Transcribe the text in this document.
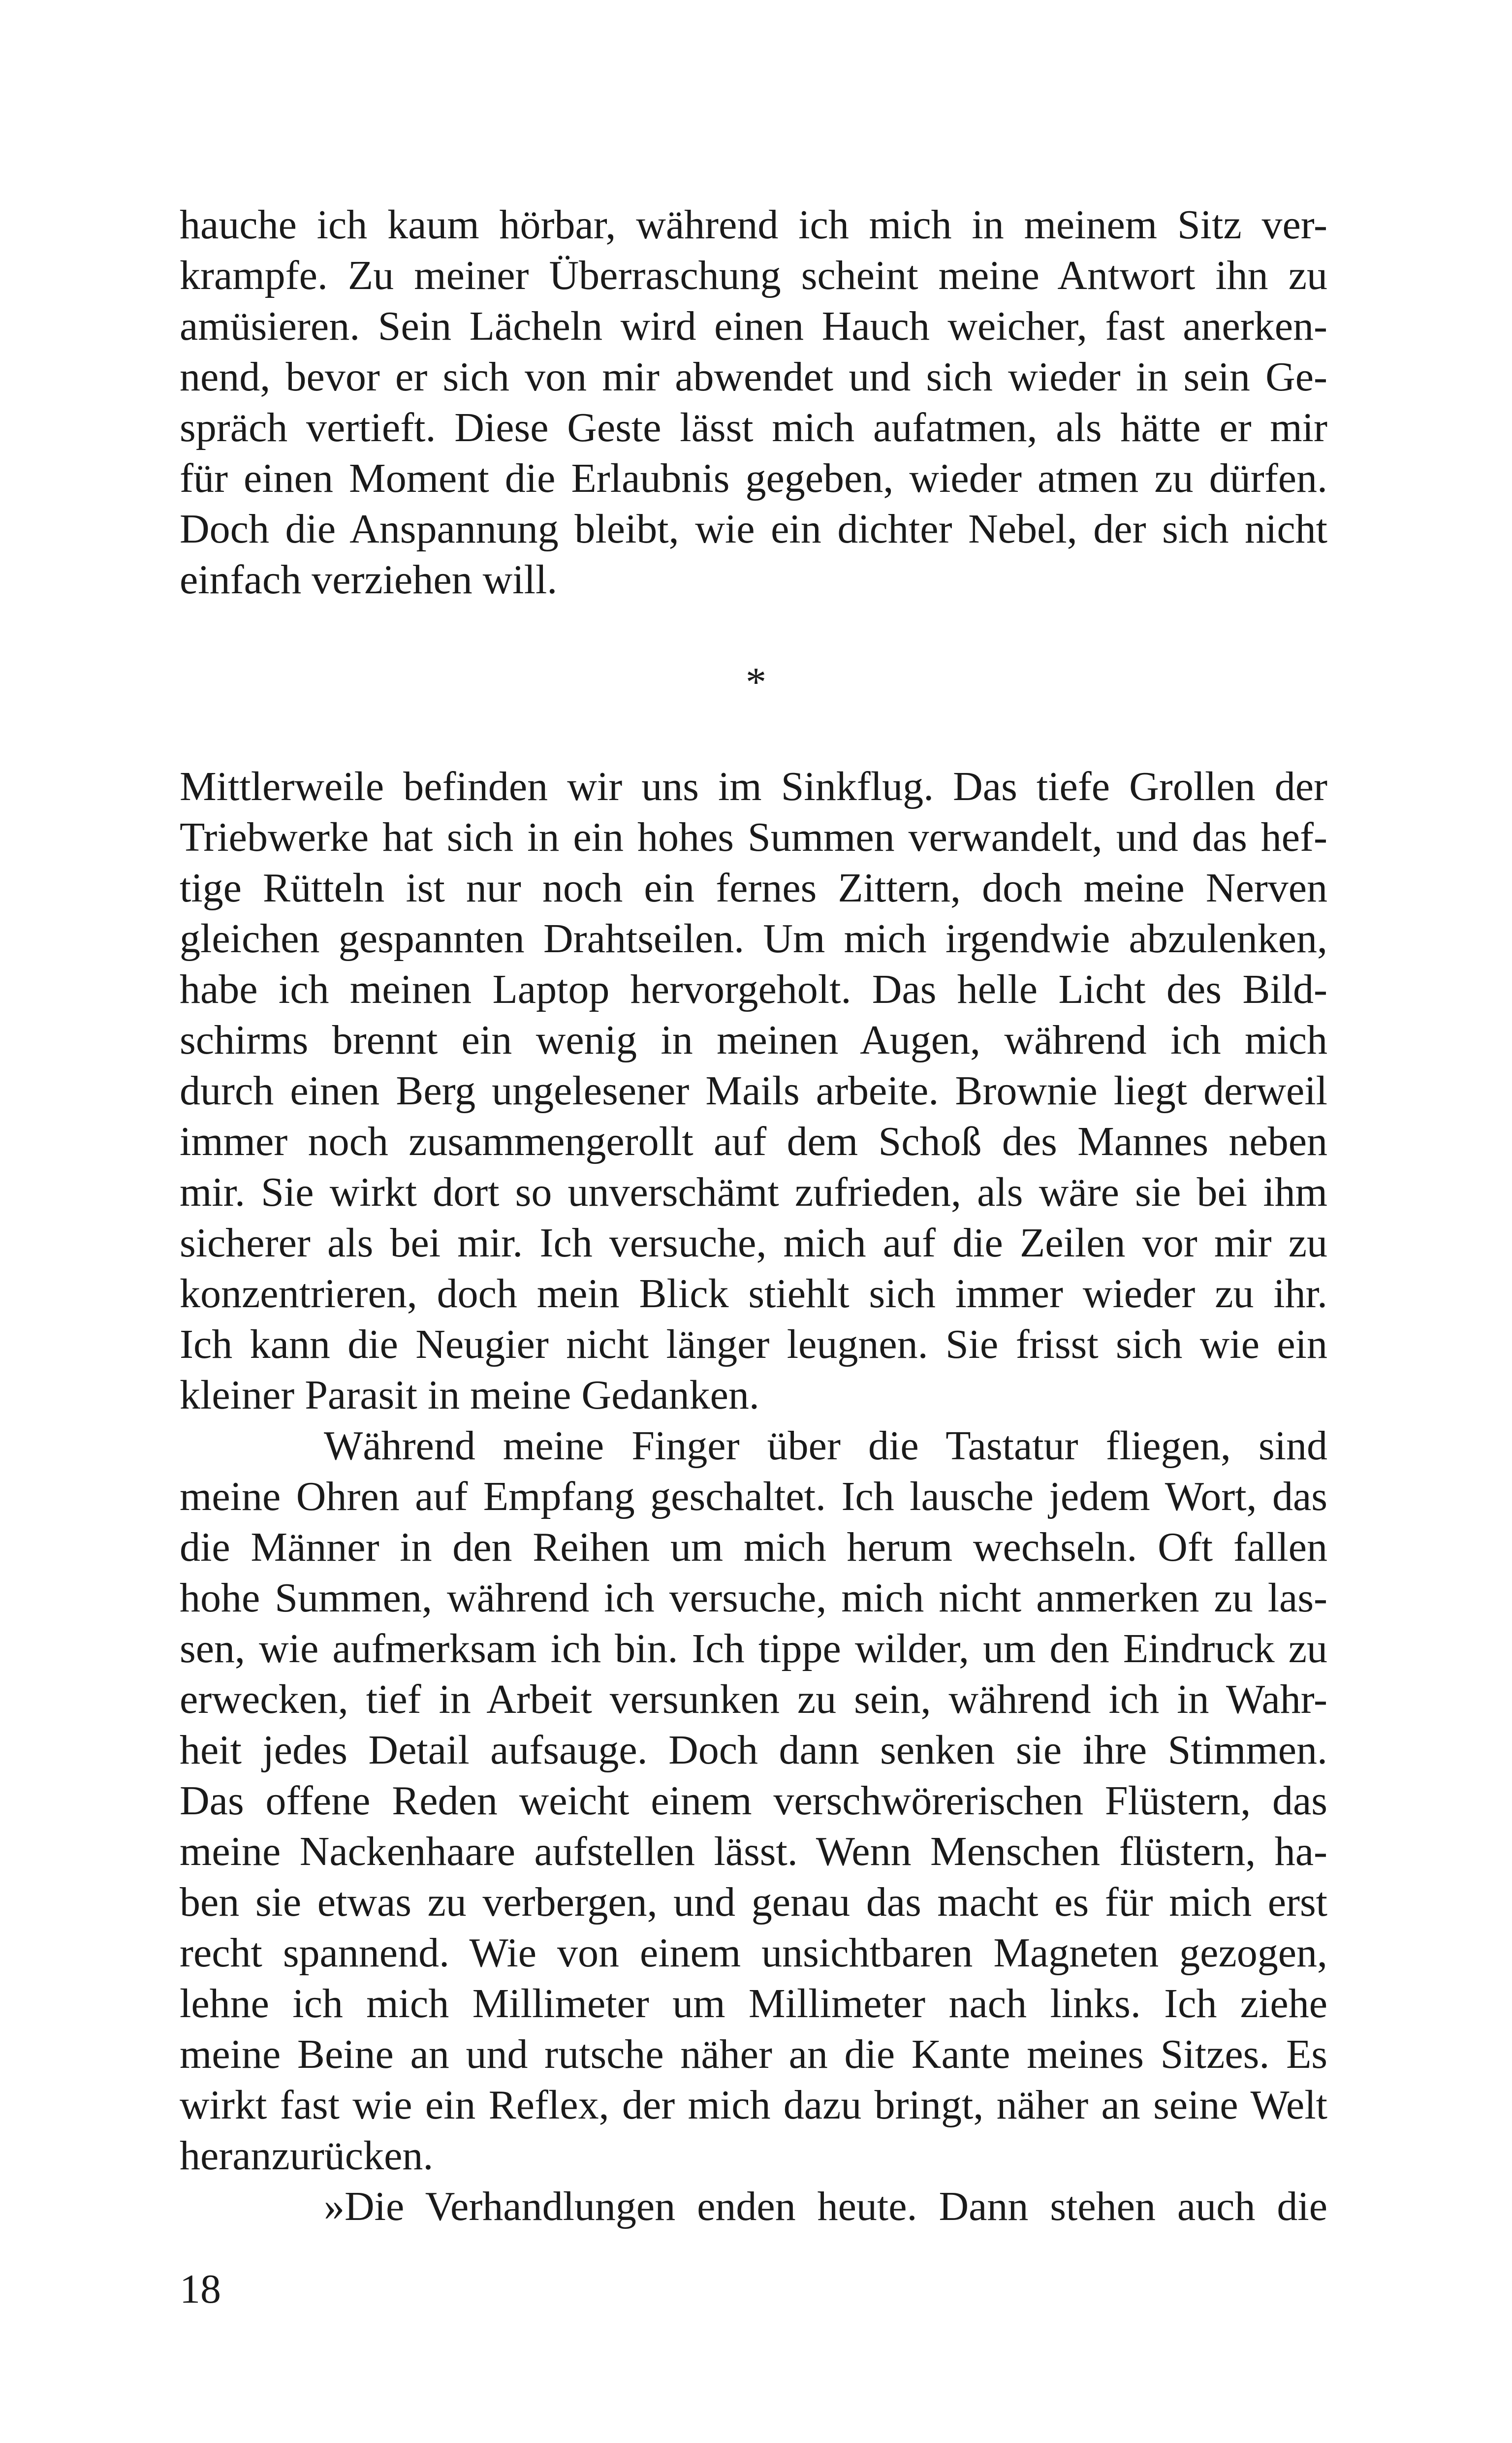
hauche ich kaum hörbar, während ich mich in meinem Sitz ver-
krampfe. Zu meiner Überraschung scheint meine Antwort ihn zu
amüsieren. Sein Lächeln wird einen Hauch weicher, fast anerken-
nend, bevor er sich von mir abwendet und sich wieder in sein Ge-
spräch vertieft. Diese Geste lässt mich aufatmen, als hätte er mir
für einen Moment die Erlaubnis gegeben, wieder atmen zu dürfen.
Doch die Anspannung bleibt, wie ein dichter Nebel, der sich nicht
einfach verziehen will.
*
Mittlerweile befinden wir uns im Sinkflug. Das tiefe Grollen der
Triebwerke hat sich in ein hohes Summen verwandelt, und das hef-
tige Rütteln ist nur noch ein fernes Zittern, doch meine Nerven
gleichen gespannten Drahtseilen. Um mich irgendwie abzulenken,
habe ich meinen Laptop hervorgeholt. Das helle Licht des Bild-
schirms brennt ein wenig in meinen Augen, während ich mich
durch einen Berg ungelesener Mails arbeite. Brownie liegt derweil
immer noch zusammengerollt auf dem Schoß des Mannes neben
mir. Sie wirkt dort so unverschämt zufrieden, als wäre sie bei ihm
sicherer als bei mir. Ich versuche, mich auf die Zeilen vor mir zu
konzentrieren, doch mein Blick stiehlt sich immer wieder zu ihr.
Ich kann die Neugier nicht länger leugnen. Sie frisst sich wie ein
kleiner Parasit in meine Gedanken.
Während meine Finger über die Tastatur fliegen, sind
meine Ohren auf Empfang geschaltet. Ich lausche jedem Wort, das
die Männer in den Reihen um mich herum wechseln. Oft fallen
hohe Summen, während ich versuche, mich nicht anmerken zu las-
sen, wie aufmerksam ich bin. Ich tippe wilder, um den Eindruck zu
erwecken, tief in Arbeit versunken zu sein, während ich in Wahr-
heit jedes Detail aufsauge. Doch dann senken sie ihre Stimmen.
Das offene Reden weicht einem verschwörerischen Flüstern, das
meine Nackenhaare aufstellen lässt. Wenn Menschen flüstern, ha-
ben sie etwas zu verbergen, und genau das macht es für mich erst
recht spannend. Wie von einem unsichtbaren Magneten gezogen,
lehne ich mich Millimeter um Millimeter nach links. Ich ziehe
meine Beine an und rutsche näher an die Kante meines Sitzes. Es
wirkt fast wie ein Reflex, der mich dazu bringt, näher an seine Welt
heranzurücken.
»Die Verhandlungen enden heute. Dann stehen auch die
18
